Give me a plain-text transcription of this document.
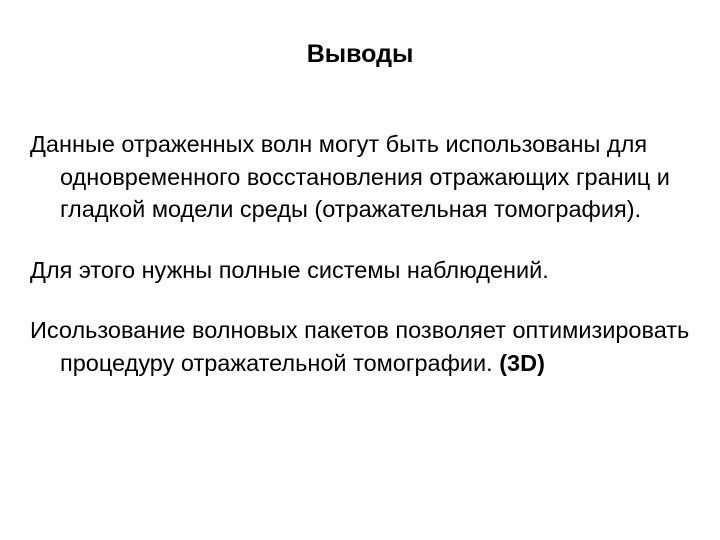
Выводы

Данные отраженных волн могут быть использованы для одновременного восстановления отражающих границ и гладкой модели среды (отражательная томография).

Для этого нужны полные системы наблюдений.

Исользование волновых пакетов позволяет оптимизировать процедуру отражательной томографии. (3D)
